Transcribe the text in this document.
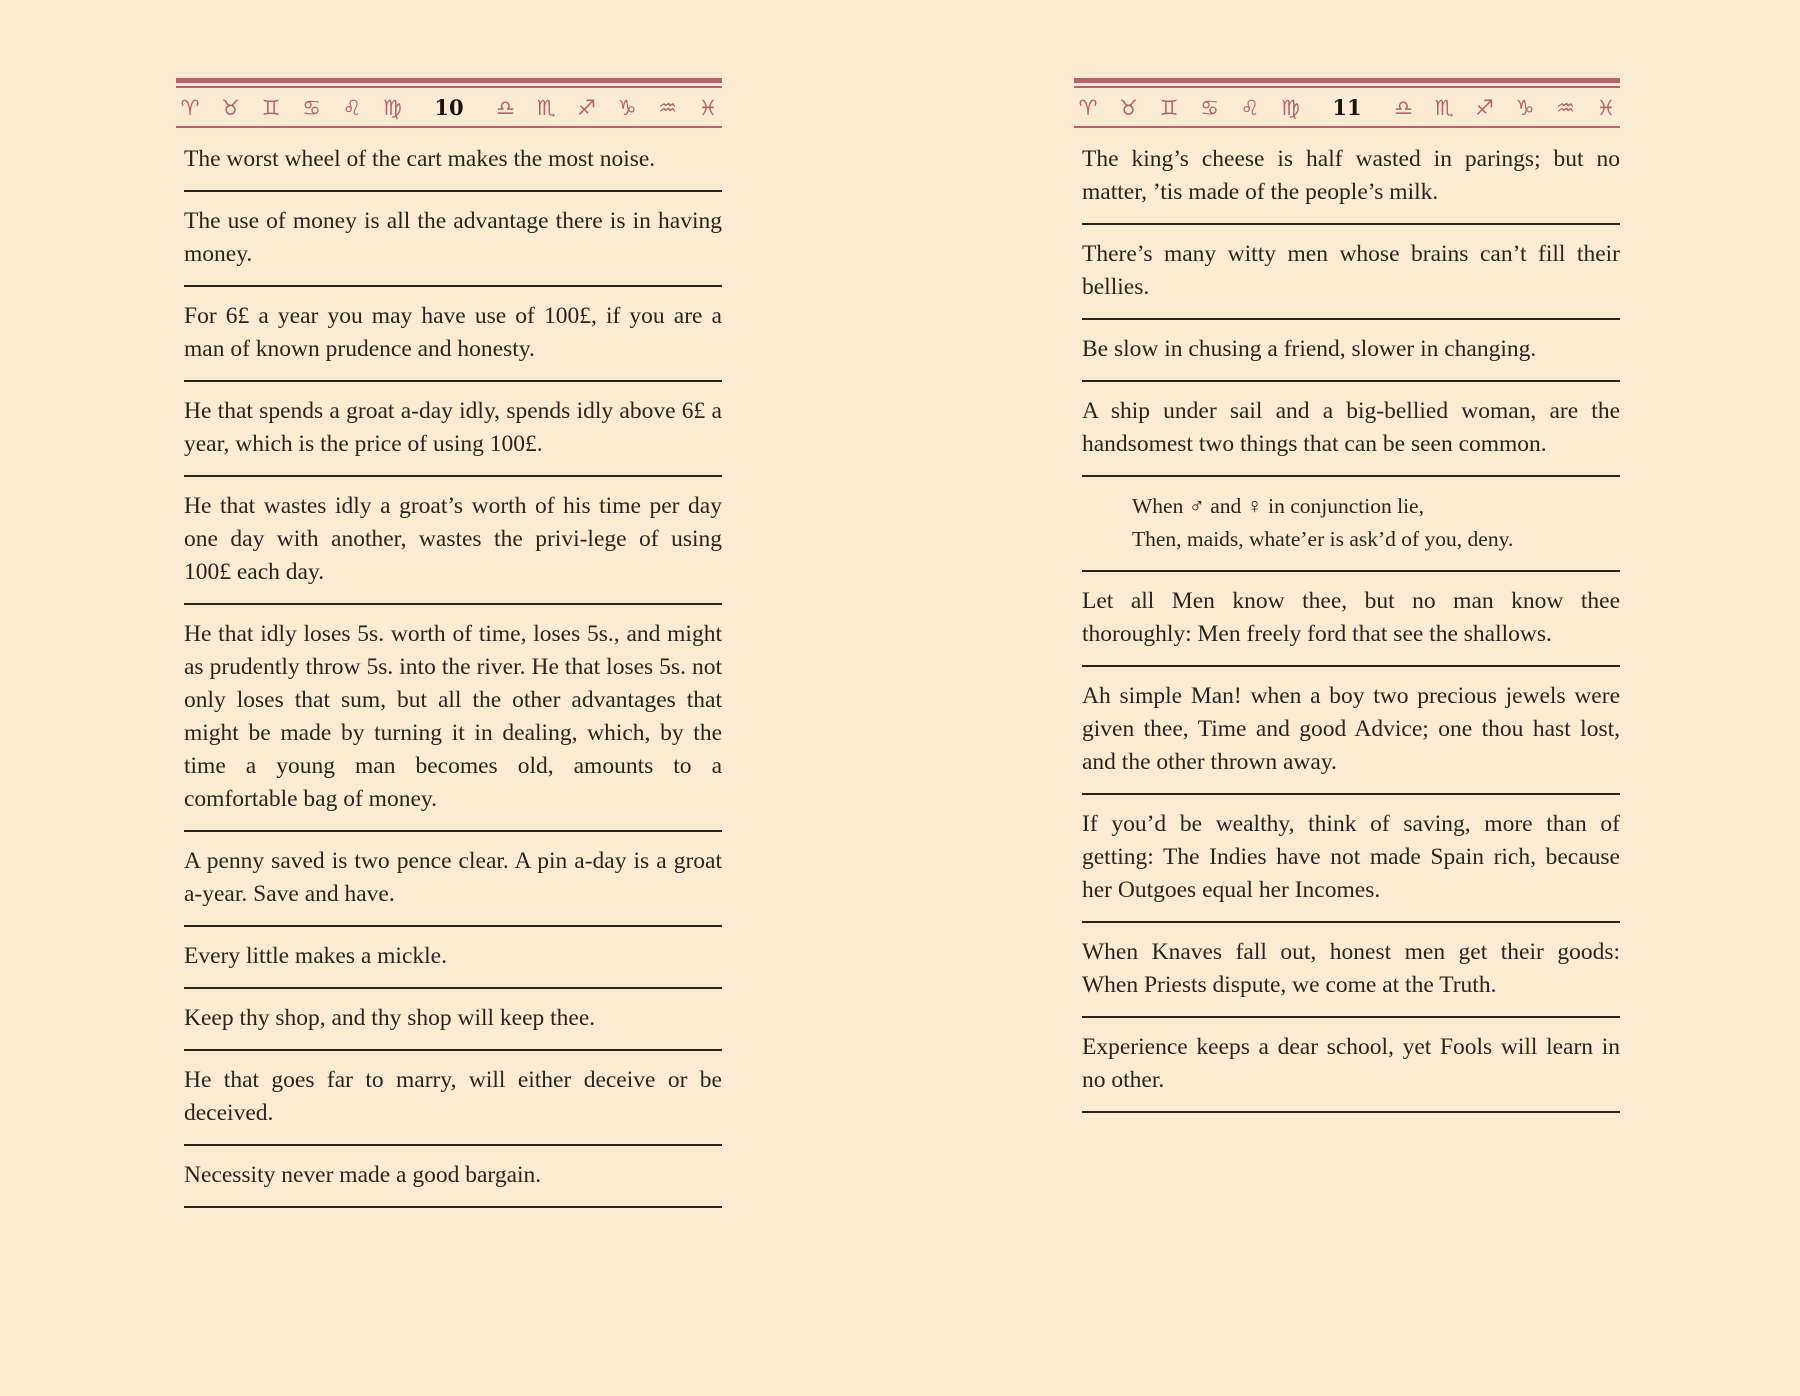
♈ ♉ ♊ ♋ ♌ ♍	10	♎ ♏ ♐ ♑ ♒ ♓
The worst wheel of the cart makes the most noise.
The use of money is all the advantage there is in having money.
For 6£ a year you may have use of 100£, if you are a man of known prudence and honesty.
He that spends a groat a-day idly, spends idly above 6£ a year, which is the price of using 100£.
He that wastes idly a groat’s worth of his time per day one day with another, wastes the privi-lege of using 100£ each day.
He that idly loses 5s. worth of time, loses 5s., and might as prudently throw 5s. into the river. He that loses 5s. not only loses that sum, but all the other advantages that might be made by turning it in dealing, which, by the time a young man becomes old, amounts to a comfortable bag of money.
A penny saved is two pence clear. A pin a-day is a groat a-year. Save and have.
Every little makes a mickle.
Keep thy shop, and thy shop will keep thee.
He that goes far to marry, will either deceive or be deceived.
Necessity never made a good bargain.
♈ ♉ ♊ ♋ ♌ ♍	11	♎ ♏ ♐ ♑ ♒ ♓
The king’s cheese is half wasted in parings; but no matter, ’tis made of the people’s milk.
There’s many witty men whose brains can’t fill their bellies.
Be slow in chusing a friend, slower in changing.
A ship under sail and a big-bellied woman, are the handsomest two things that can be seen common.
When ♂ and ♀ in conjunction lie,
Then, maids, whate’er is ask’d of you, deny.
Let all Men know thee, but no man know thee thoroughly: Men freely ford that see the shallows.
Ah simple Man! when a boy two precious jewels were given thee, Time and good Advice; one thou hast lost, and the other thrown away.
If you’d be wealthy, think of saving, more than of getting: The Indies have not made Spain rich, because her Outgoes equal her Incomes.
When Knaves fall out, honest men get their goods: When Priests dispute, we come at the Truth.
Experience keeps a dear school, yet Fools will learn in no other.
